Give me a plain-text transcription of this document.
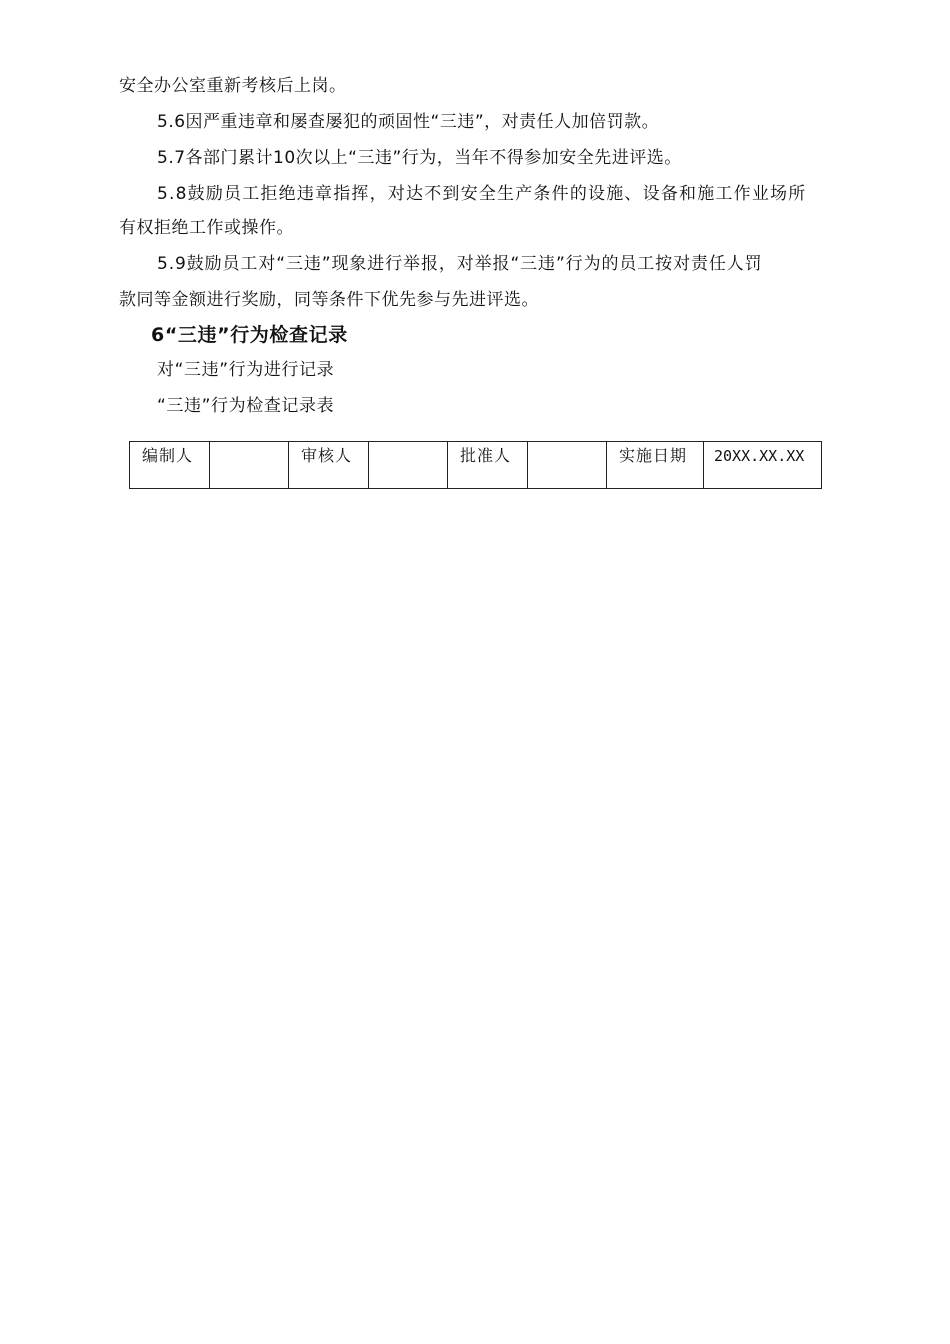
安全办公室重新考核后上岗。
5.6因严重违章和屡查屡犯的顽固性“三违”，对责任人加倍罚款。
5.7各部门累计10次以上“三违”行为，当年不得参加安全先进评选。
5.8鼓励员工拒绝违章指挥，对达不到安全生产条件的设施、设备和施工作业场所
有权拒绝工作或操作。
5.9鼓励员工对“三违”现象进行举报，对举报“三违”行为的员工按对责任人罚
款同等金额进行奖励，同等条件下优先参与先进评选。
6“三违”行为检查记录
对“三违”行为进行记录
“三违”行为检查记录表
编制人		审核人		批准人		实施日期	20XX.XX.XX
